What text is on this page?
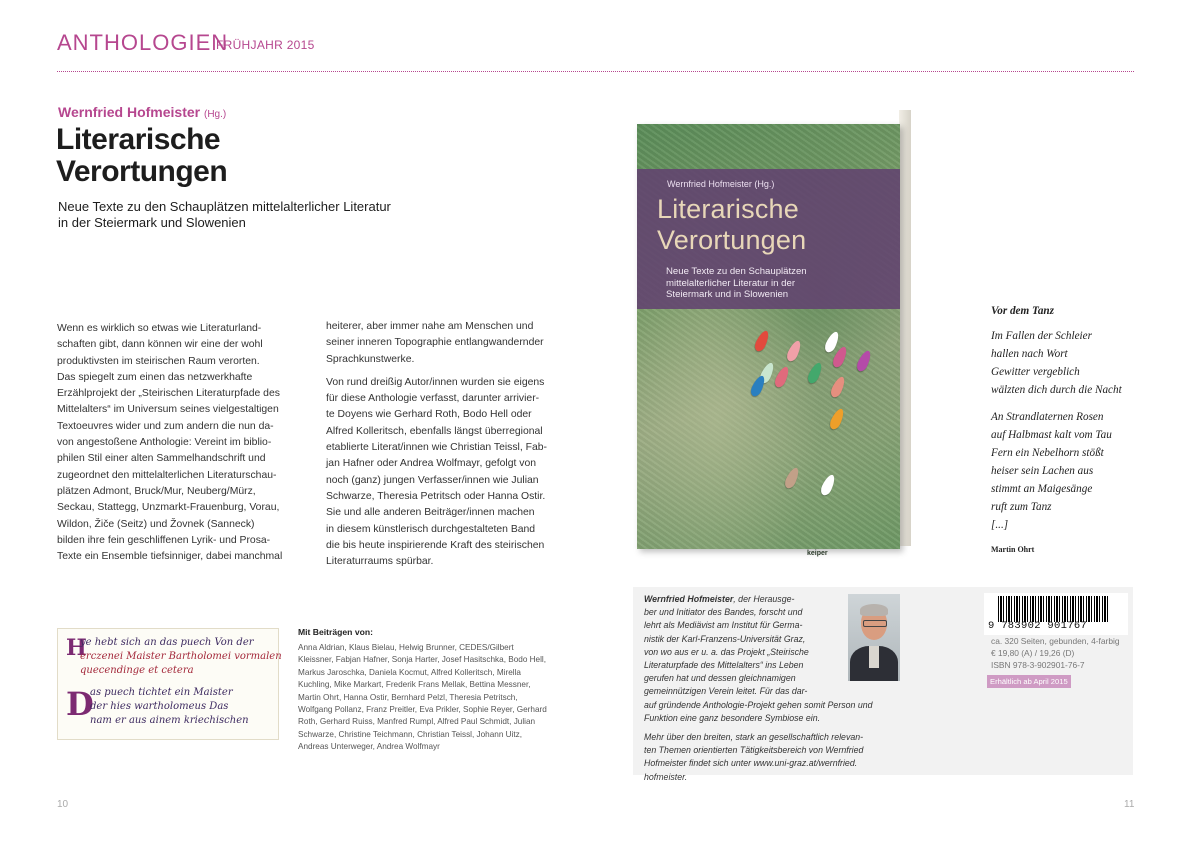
ANTHOLOGIEN
FRÜHJAHR 2015
Wernfried Hofmeister (Hg.)
Literarische
Verortungen
Neue Texte zu den Schauplätzen mittelalterlicher Literatur
in der Steiermark und Slowenien
Wenn es wirklich so etwas wie Literaturland-
schaften gibt, dann können wir eine der wohl
produktivsten im steirischen Raum verorten.
Das spiegelt zum einen das netzwerkhafte
Erzählprojekt der „Steirischen Literaturpfade des
Mittelalters“ im Universum seines vielgestaltigen
Textoeuvres wider und zum andern die nun da-
von angestoßene Anthologie: Vereint im biblio-
philen Stil einer alten Sammelhandschrift und
zugeordnet den mittelalterlichen Literaturschau-
plätzen Admont, Bruck/Mur, Neuberg/Mürz,
Seckau, Stattegg, Unzmarkt-Frauenburg, Vorau,
Wildon, Žiče (Seitz) und Žovnek (Sanneck)
bilden ihre fein geschliffenen Lyrik- und Prosa-
Texte ein Ensemble tiefsinniger, dabei manchmal

heiterer, aber immer nahe am Menschen und
seiner inneren Topographie entlangwandernder
Sprachkunstwerke.

Von rund dreißig Autor/innen wurden sie eigens
für diese Anthologie verfasst, darunter arrivier-
te Doyens wie Gerhard Roth, Bodo Hell oder
Alfred Kolleritsch, ebenfalls längst überregional
etablierte Literat/innen wie Christian Teissl, Fab-
jan Hafner oder Andrea Wolfmayr, gefolgt von
noch (ganz) jungen Verfasser/innen wie Julian
Schwarze, Theresia Petritsch oder Hanna Ostir.
Sie und alle anderen Beiträger/innen machen
in diesem künstlerisch durchgestalteten Band
die bis heute inspirierende Kraft des steirischen
Literaturraums spürbar.

H
ye hebt sich an das puech Von der
erczenei Maister Bartholomei vormalen
quecendinge et cetera
D
as puech tichtet ein Maister
der hies wartholomeus Das
nam er aus ainem kriechischen
Mit Beiträgen von:
Anna Aldrian, Klaus Bielau, Helwig Brunner, CEDES/Gilbert
Kleissner, Fabjan Hafner, Sonja Harter, Josef Hasitschka, Bodo Hell,
Markus Jaroschka, Daniela Kocmut, Alfred Kolleritsch, Mirella
Kuchling, Mike Markart, Frederik Frans Mellak, Bettina Messner,
Martin Ohrt, Hanna Ostir, Bernhard Pelzl, Theresia Petritsch,
Wolfgang Pollanz, Franz Preitler, Eva Prikler, Sophie Reyer, Gerhard
Roth, Gerhard Ruiss, Manfred Rumpl, Alfred Paul Schmidt, Julian
Schwarze, Christine Teichmann, Christian Teissl, Johann Uitz,
Andreas Unterweger, Andrea Wolfmayr
Wernfried Hofmeister (Hg.)
Literarische
Verortungen
Neue Texte zu den Schauplätzen
mittelalterlicher Literatur in der
Steiermark und in Slowenien
keiper
Vor dem Tanz
Im Fallen der Schleier
hallen nach Wort
Gewitter vergeblich
wälzten dich durch die Nacht
An Strandlaternen Rosen
auf Halbmast kalt vom Tau
Fern ein Nebelhorn stößt
heiser sein Lachen aus
stimmt an Maigesänge
ruft zum Tanz
[...]
Martin Ohrt

Wernfried Hofmeister, der Herausge-
ber und Initiator des Bandes, forscht und
lehrt als Mediävist am Institut für Germa-
nistik der Karl-Franzens-Universität Graz,
von wo aus er u. a. das Projekt „Steirische
Literaturpfade des Mittelalters“ ins Leben
gerufen hat und dessen gleichnamigen
gemeinnützigen Verein leitet. Für das dar-
auf gründende Anthologie-Projekt gehen somit Person und
Funktion eine ganz besondere Symbiose ein.

Mehr über den breiten, stark an gesellschaftlich relevan-
ten Themen orientierten Tätigkeitsbereich von Wernfried
Hofmeister findet sich unter www.uni-graz.at/wernfried.
hofmeister.

9 783902 901767
ca. 320 Seiten, gebunden, 4-farbig
€ 19,80 (A) / 19,26 (D)
ISBN 978-3-902901-76-7
Erhältlich ab April 2015
10	11
